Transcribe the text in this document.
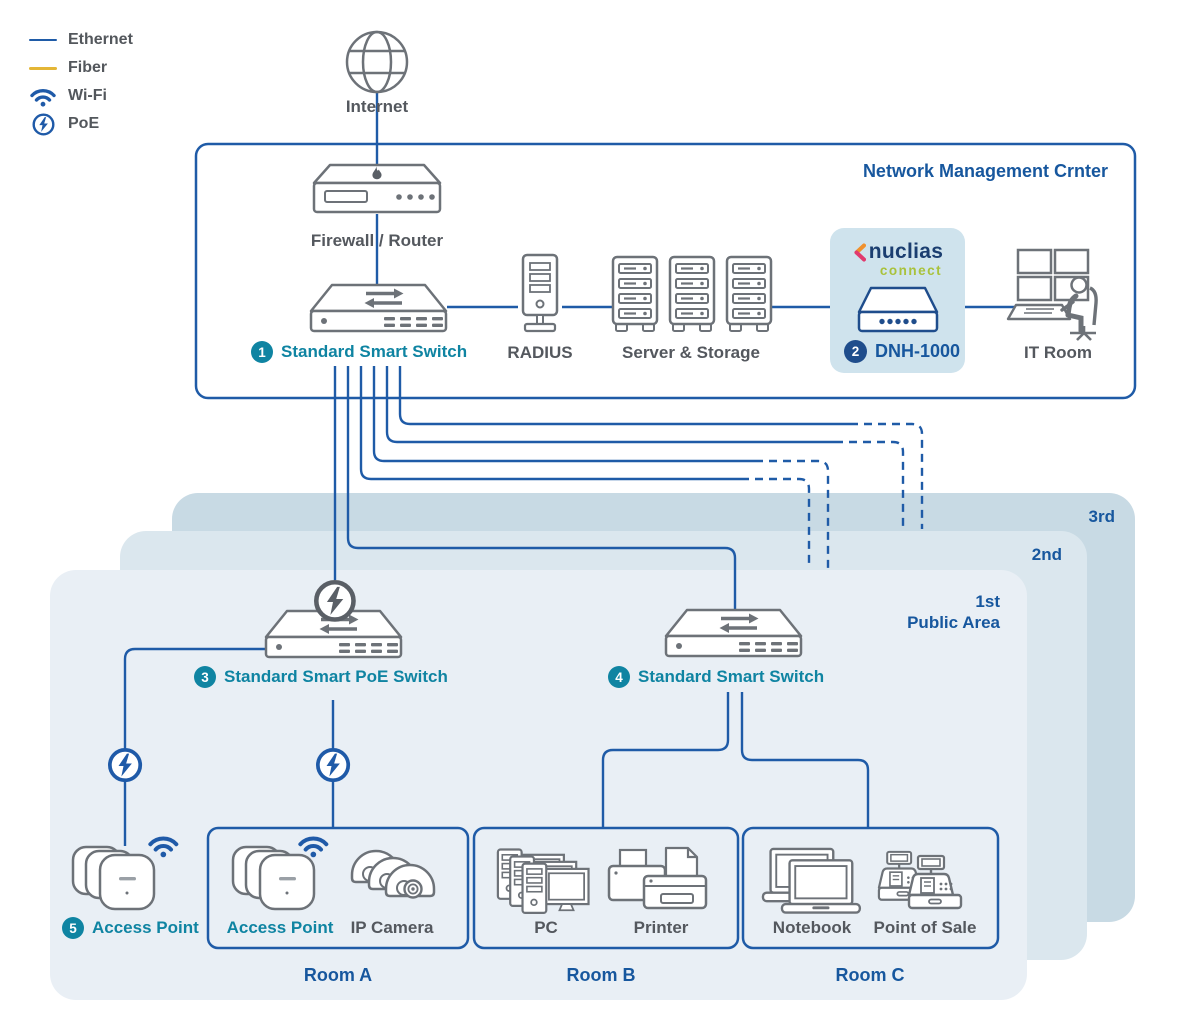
Ethernet
Fiber
Wi-Fi
PoE
Internet
Network Management Crnter
Firewall / Router
1 Standard Smart Switch RADIUS	Server & Storage
nuclias
connect
2 DNH-1000	IT Room
3rd
2nd
1st
Public Area
3 Standard Smart PoE Switch	4 Standard Smart Switch
5 Access Point Access Point IP Camera	PC	Printer	Notebook Point of Sale
Room A	Room B	Room C
